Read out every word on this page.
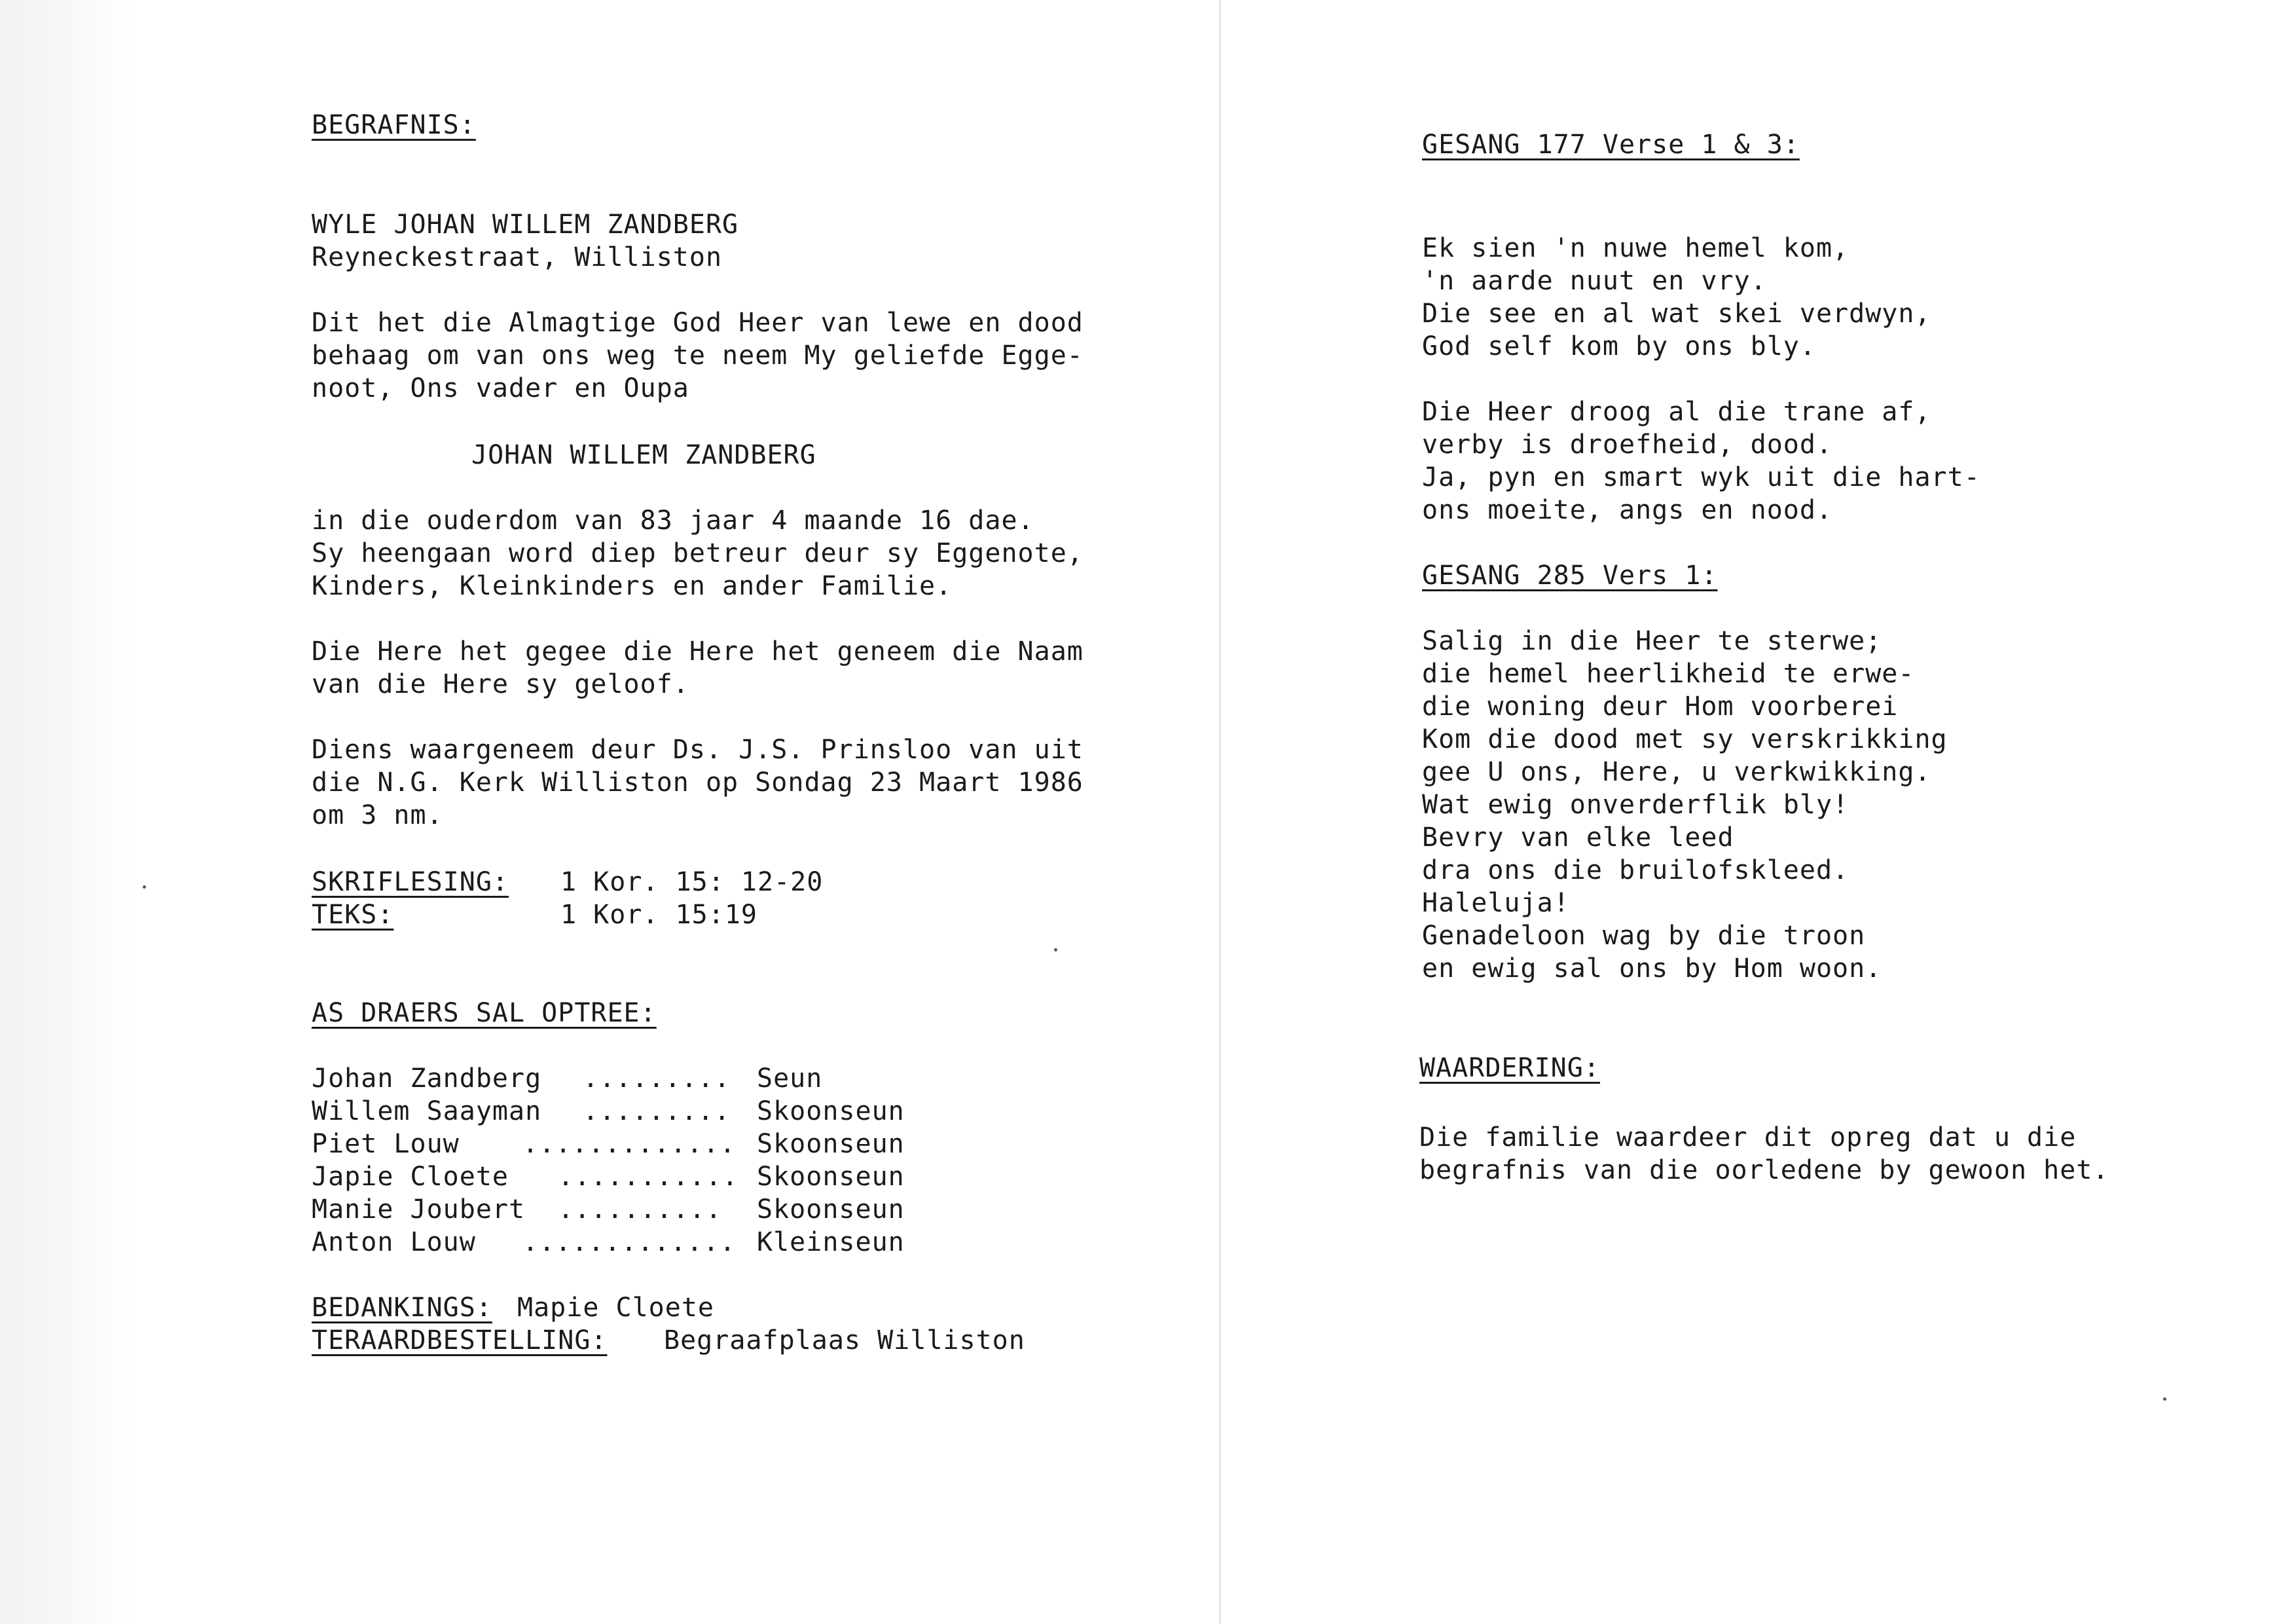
BEGRAFNIS:
WYLE JOHAN WILLEM ZANDBERG
Reyneckestraat, Williston
Dit het die Almagtige God Heer van lewe en dood
behaag om van ons weg te neem My geliefde Egge-
noot, Ons vader en Oupa
JOHAN WILLEM ZANDBERG
in die ouderdom van 83 jaar 4 maande 16 dae.
Sy heengaan word diep betreur deur sy Eggenote,
Kinders, Kleinkinders en ander Familie.
Die Here het gegee die Here het geneem die Naam
van die Here sy geloof.
Diens waargeneem deur Ds. J.S. Prinsloo van uit
die N.G. Kerk Williston op Sondag 23 Maart 1986
om 3 nm.
SKRIFLESING: 1 Kor. 15: 12-20
TEKS:	1 Kor. 15:19
AS DRAERS SAL OPTREE:
Johan Zandberg ......... Seun
Willem Saayman ......... Skoonseun
Piet Louw ............. Skoonseun
Japie Cloete ........... Skoonseun
Manie Joubert .......... Skoonseun
Anton Louw ............. Kleinseun
BEDANKINGS: Mapie Cloete
TERAARDBESTELLING: Begraafplaas Williston
GESANG 177 Verse 1 & 3:
Ek sien 'n nuwe hemel kom,
'n aarde nuut en vry.
Die see en al wat skei verdwyn,
God self kom by ons bly.
Die Heer droog al die trane af,
verby is droefheid, dood.
Ja, pyn en smart wyk uit die hart-
ons moeite, angs en nood.
GESANG 285 Vers 1:
Salig in die Heer te sterwe;
die hemel heerlikheid te erwe-
die woning deur Hom voorberei
Kom die dood met sy verskrikking
gee U ons, Here, u verkwikking.
Wat ewig onverderflik bly!
Bevry van elke leed
dra ons die bruilofskleed.
Haleluja!
Genadeloon wag by die troon
en ewig sal ons by Hom woon.
WAARDERING:
Die familie waardeer dit opreg dat u die
begrafnis van die oorledene by gewoon het.
